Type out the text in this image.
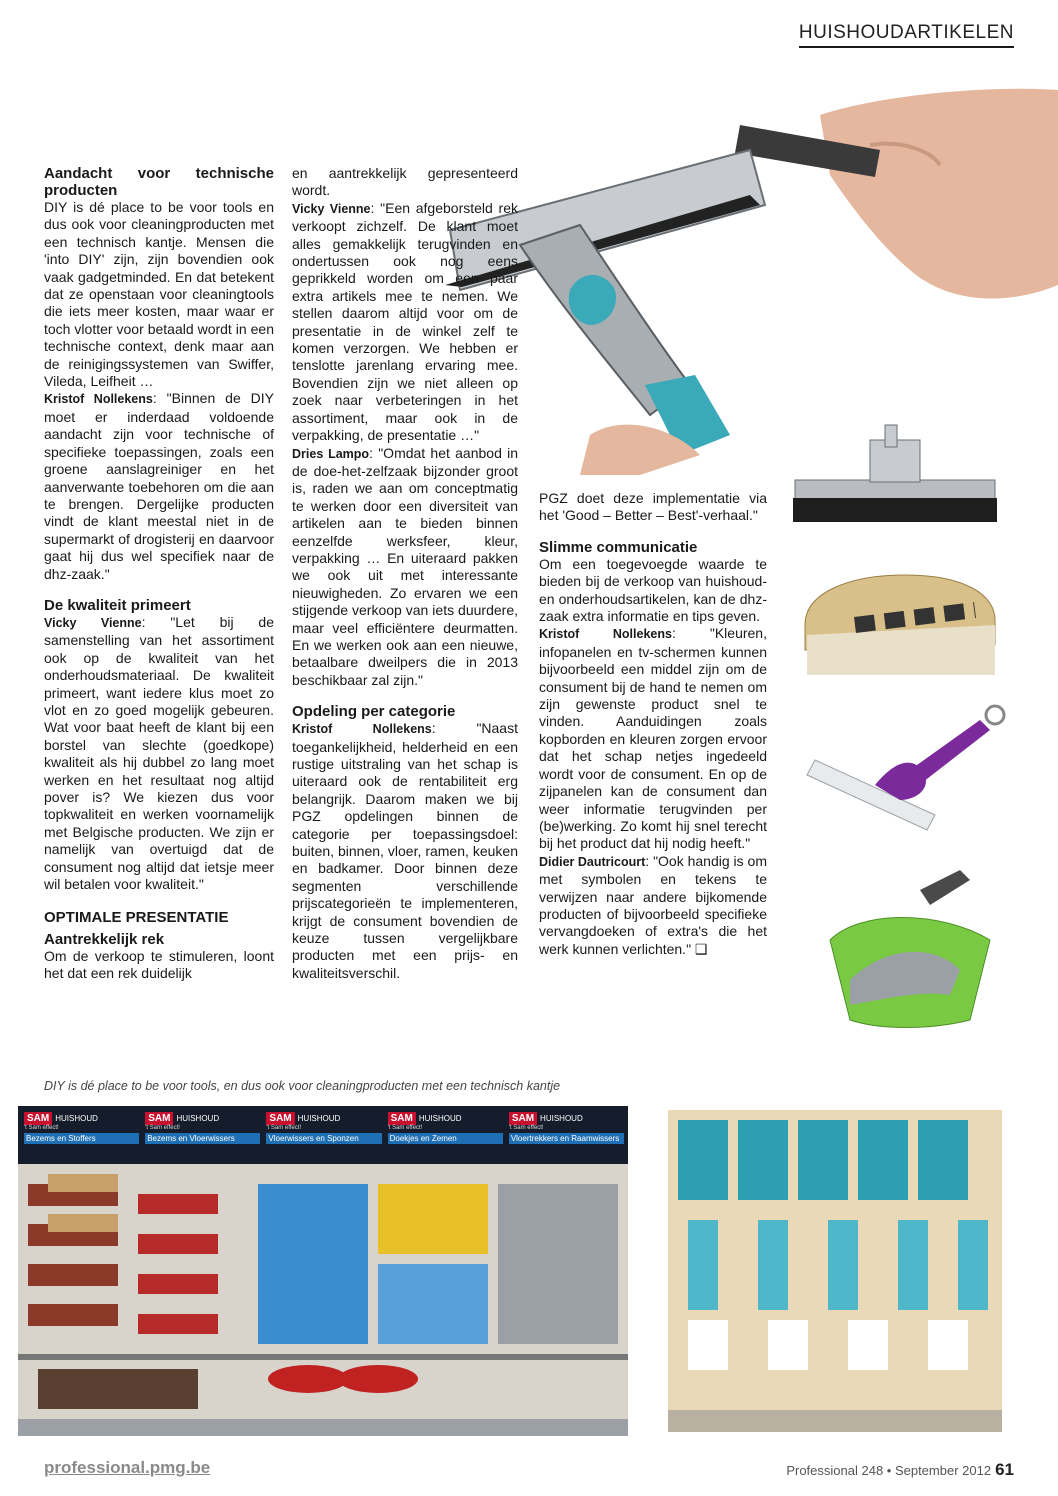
HUISHOUDARTIKELEN
Aandacht voor technische producten

DIY is dé place to be voor tools en dus ook voor cleaningproducten met een technisch kantje. Mensen die 'into DIY' zijn, zijn bovendien ook vaak gadgetminded. En dat betekent dat ze openstaan voor cleaningtools die iets meer kosten, maar waar er toch vlotter voor betaald wordt in een technische context, denk maar aan de reinigingssystemen van Swiffer, Vileda, Leifheit …

Kristof Nollekens: "Binnen de DIY moet er inderdaad voldoende aandacht zijn voor technische of specifieke toepassingen, zoals een groene aanslagreiniger en het aanverwante toebehoren om die aan te brengen. Dergelijke producten vindt de klant meestal niet in de supermarkt of drogisterij en daarvoor gaat hij dus wel specifiek naar de dhz-zaak."

De kwaliteit primeert

Vicky Vienne: "Let bij de samenstelling van het assortiment ook op de kwaliteit van het onderhoudsmateriaal. De kwaliteit primeert, want iedere klus moet zo vlot en zo goed mogelijk gebeuren. Wat voor baat heeft de klant bij een borstel van slechte (goedkope) kwaliteit als hij dubbel zo lang moet werken en het resultaat nog altijd pover is? We kiezen dus voor topkwaliteit en werken voornamelijk met Belgische producten. We zijn er namelijk van overtuigd dat de consument nog altijd dat ietsje meer wil betalen voor kwaliteit."

OPTIMALE PRESENTATIE
Aantrekkelijk rek

Om de verkoop te stimuleren, loont het dat een rek duidelijk

en aantrekkelijk gepresenteerd wordt.

Vicky Vienne: "Een afgeborsteld rek verkoopt zichzelf. De klant moet alles gemakkelijk terugvinden en ondertussen ook nog eens geprikkeld worden om een paar extra artikels mee te nemen. We stellen daarom altijd voor om de presentatie in de winkel zelf te komen verzorgen. We hebben er tenslotte jarenlang ervaring mee. Bovendien zijn we niet alleen op zoek naar verbeteringen in het assortiment, maar ook in de verpakking, de presentatie …"

Dries Lampo: "Omdat het aanbod in de doe-het-zelfzaak bijzonder groot is, raden we aan om conceptmatig te werken door een diversiteit van artikelen aan te bieden binnen eenzelfde werksfeer, kleur, verpakking … En uiteraard pakken we ook uit met interessante nieuwigheden. Zo ervaren we een stijgende verkoop van iets duurdere, maar veel efficiëntere deurmatten. En we werken ook aan een nieuwe, betaalbare dweilpers die in 2013 beschikbaar zal zijn."

Opdeling per categorie

Kristof Nollekens: "Naast toegankelijkheid, helderheid en een rustige uitstraling van het schap is uiteraard ook de rentabiliteit erg belangrijk. Daarom maken we bij PGZ opdelingen binnen de categorie per toepassingsdoel: buiten, binnen, vloer, ramen, keuken en badkamer. Door binnen deze segmenten verschillende prijscategorieën te implementeren, krijgt de consument bovendien de keuze tussen vergelijkbare producten met een prijs- en kwaliteitsverschil.

PGZ doet deze implementatie via het 'Good – Better – Best'-verhaal."

Slimme communicatie

Om een toegevoegde waarde te bieden bij de verkoop van huishoud- en onderhoudsartikelen, kan de dhz-zaak extra informatie en tips geven.

Kristof Nollekens: "Kleuren, infopanelen en tv-schermen kunnen bijvoorbeeld een middel zijn om de consument bij de hand te nemen om zijn gewenste product snel te vinden. Aanduidingen zoals kopborden en kleuren zorgen ervoor dat het schap netjes ingedeeld wordt voor de consument. En op de zijpanelen kan de consument dan weer informatie terugvinden per (be)werking. Zo komt hij snel terecht bij het product dat hij nodig heeft."

Didier Dautricourt: "Ook handig is om met symbolen en tekens te verwijzen naar andere bijkomende producten of bijvoorbeeld specifieke vervangdoeken of extra's die het werk kunnen verlichten." ❑

DIY is dé place to be voor tools, en dus ook voor cleaningproducten met een technisch kantje
SAM HUISHOUD
't Sam effect!
Bezems en Stoffers
SAM HUISHOUD
't Sam effect!
Bezems en Vloerwissers
SAM HUISHOUD
't Sam effect!
Vloerwissers en Sponzen
SAM HUISHOUD
't Sam effect!
Doekjes en Zemen
SAM HUISHOUD
't Sam effect!
Vloertrekkers en Raamwissers
professional.pmg.be	Professional 248 • September 2012 61
